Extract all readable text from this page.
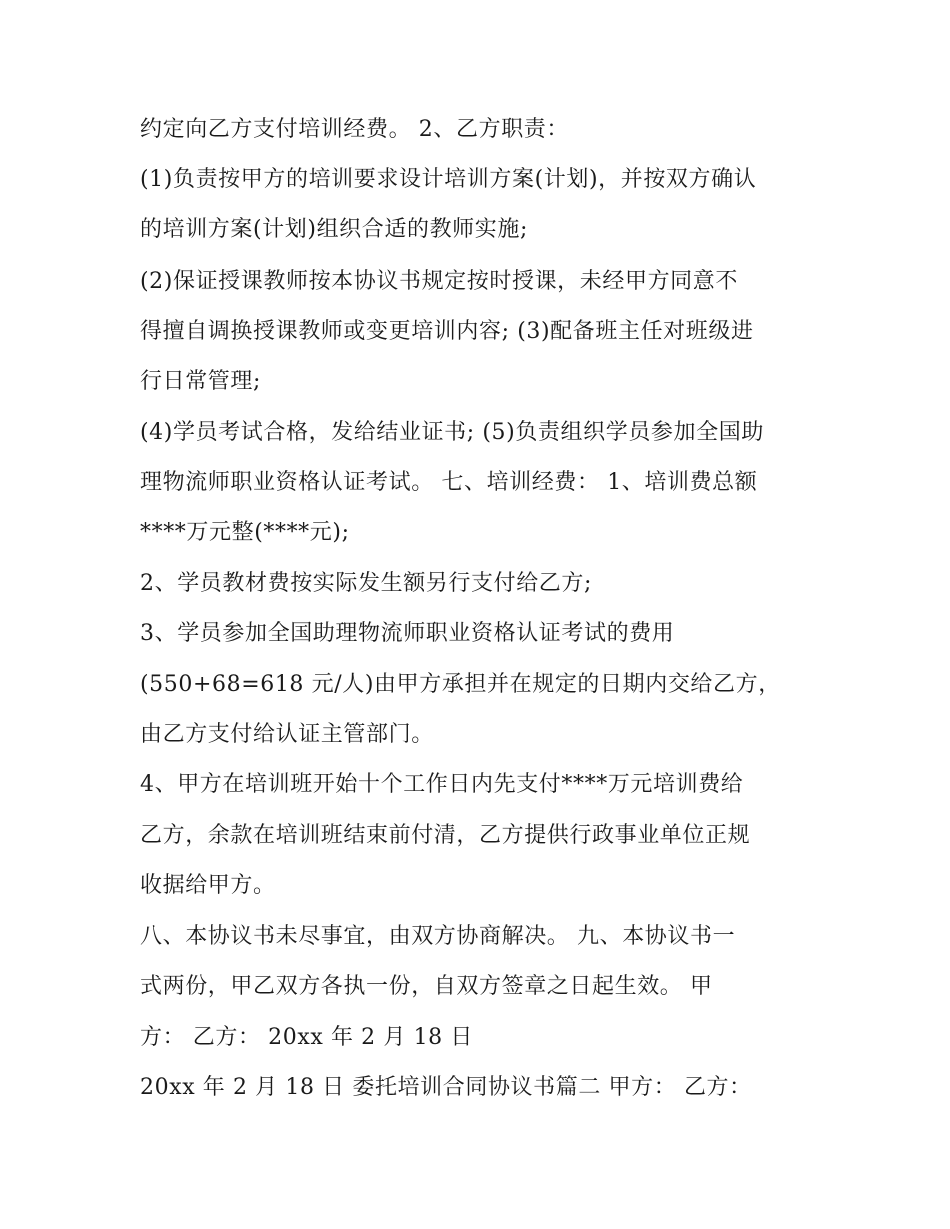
约定向乙方支付培训经费。 2、乙方职责：
(1)负责按甲方的培训要求设计培训方案(计划)，并按双方确认
的培训方案(计划)组织合适的教师实施;
(2)保证授课教师按本协议书规定按时授课，未经甲方同意不
得擅自调换授课教师或变更培训内容; (3)配备班主任对班级进
行日常管理;
(4)学员考试合格，发给结业证书; (5)负责组织学员参加全国助
理物流师职业资格认证考试。 七、培训经费： 1、培训费总额
****万元整(****元);
2、学员教材费按实际发生额另行支付给乙方;
3、学员参加全国助理物流师职业资格认证考试的费用
(550+68=618 元/人)由甲方承担并在规定的日期内交给乙方，
由乙方支付给认证主管部门。
4、甲方在培训班开始十个工作日内先支付****万元培训费给
乙方，余款在培训班结束前付清，乙方提供行政事业单位正规
收据给甲方。
八、本协议书未尽事宜，由双方协商解决。 九、本协议书一
式两份，甲乙双方各执一份，自双方签章之日起生效。 甲
方： 乙方： 20xx 年 2 月 18 日
20xx 年 2 月 18 日 委托培训合同协议书篇二 甲方： 乙方：
